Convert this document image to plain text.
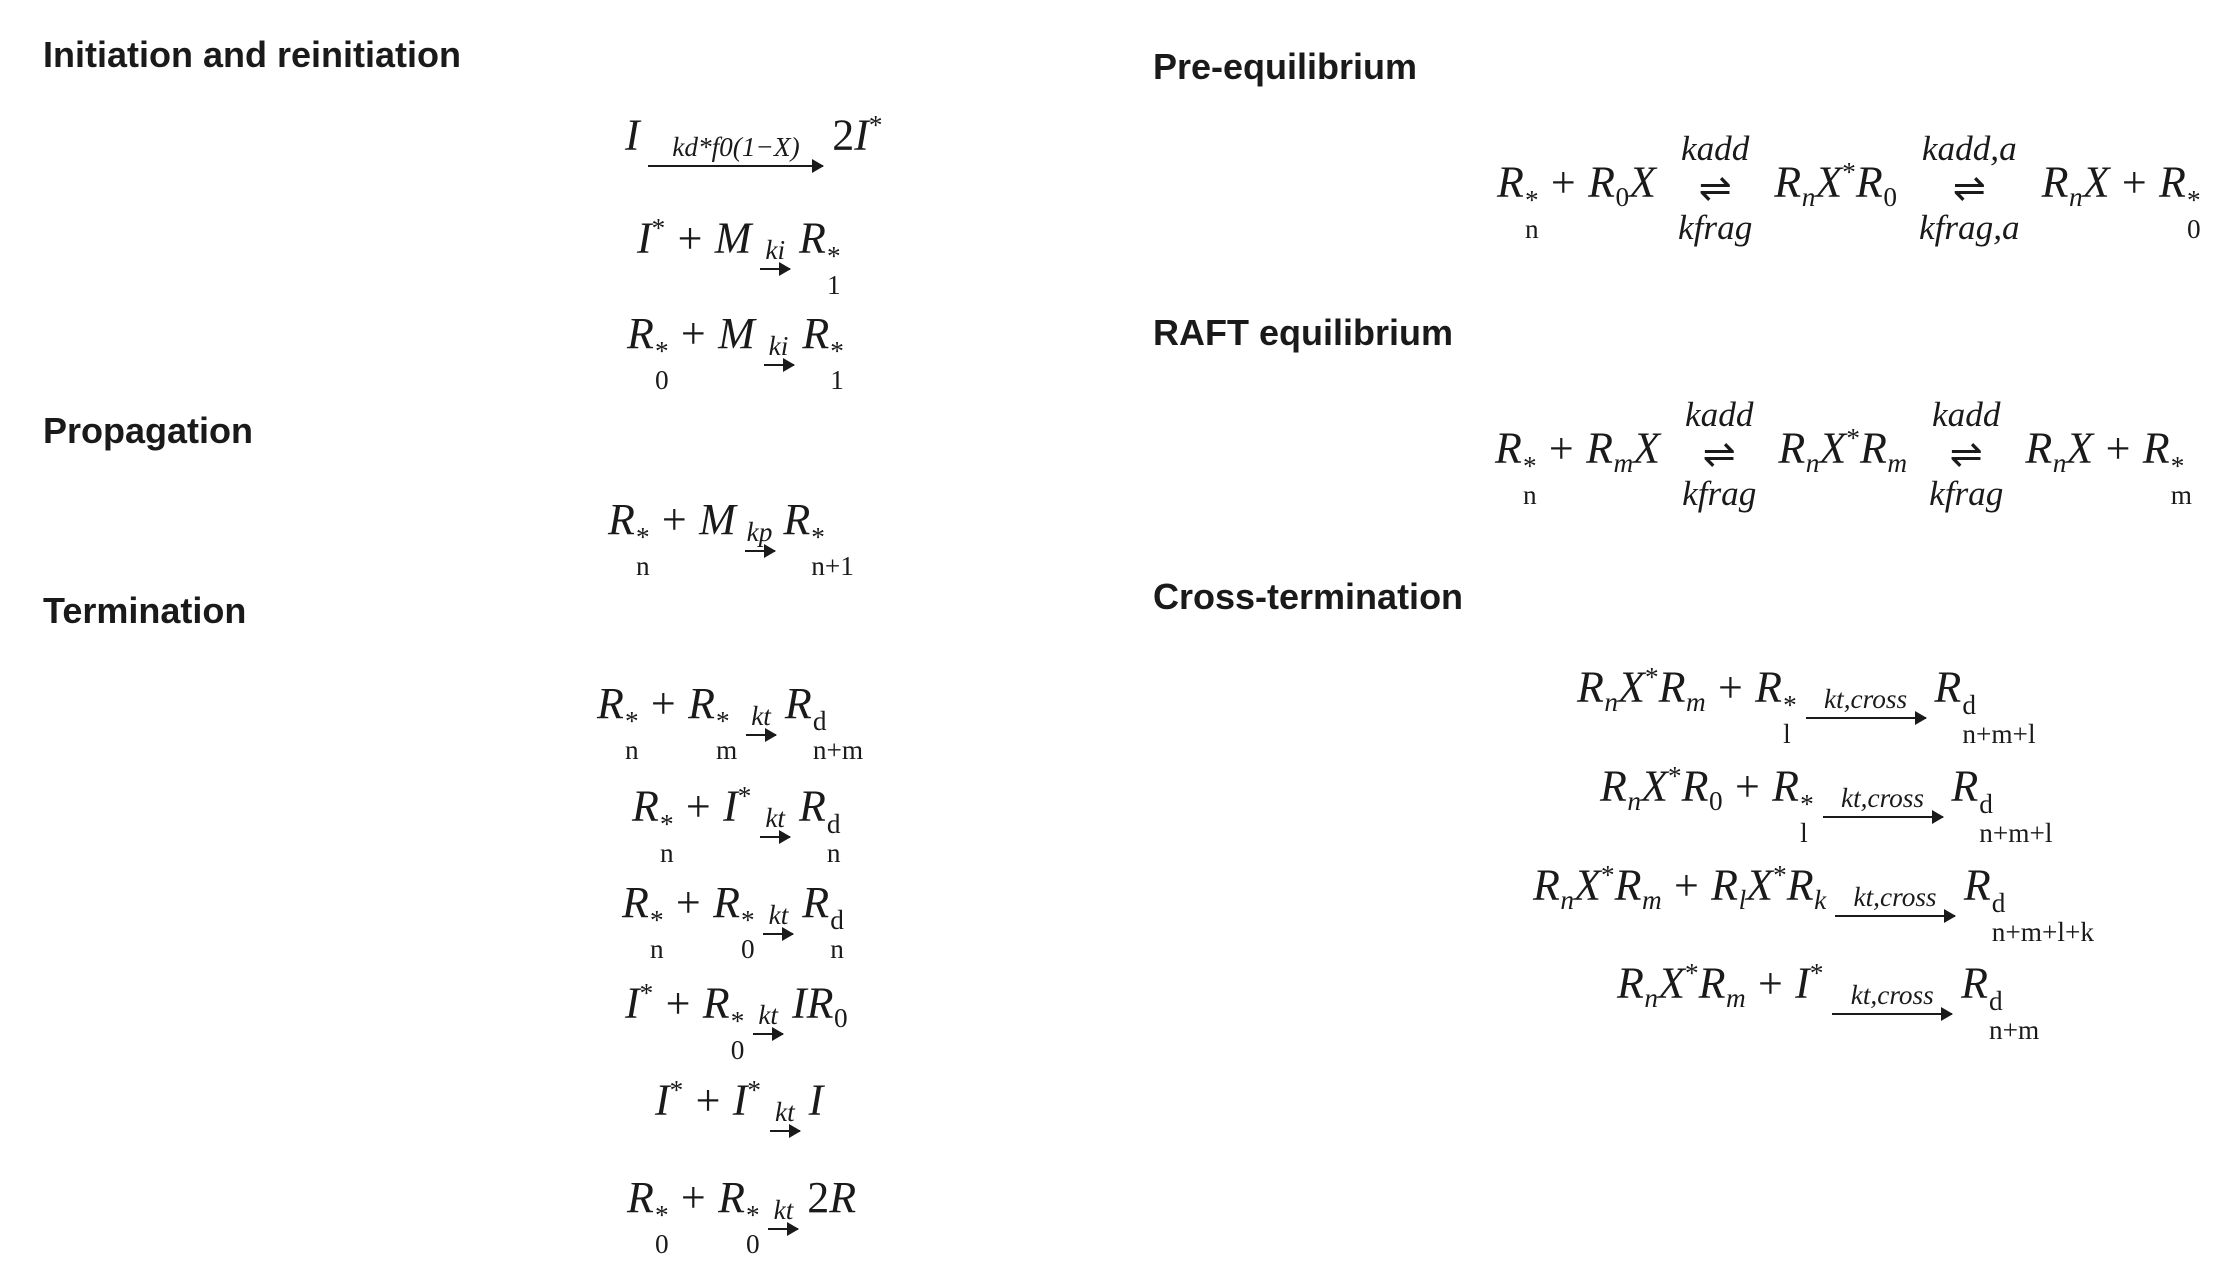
Initiation and reinitiation
Propagation
Termination
Pre-equilibrium
RAFT equilibrium
Cross-termination
I kd*f0(1−X) 2I*
I* + M ki R *
1
R *
0
+ M ki R *
1
R *
n
+ M kp R *
n+1
R *
n
+ R *
m
kt R d
n+m
R *
n
+ I*
kt R d
n
R *
n
+ R *
0
kt R d
n
I* + R *
0
kt IR0
I* + I*
kt I
R *
0
+ R *
0
kt 2R
R *
n
+ R0X
kadd
⇌
kfrag
RnX*R0
kadd,a
⇌
kfrag,a
RnX + R *
0
R *
n
+ RmX
kadd
⇌
kfrag
RnX*Rm
kadd
⇌
kfrag
RnX + R *
m
RnX*Rm + R *
l
kt,cross R d
n+m+l
RnX*R0 + R *
l
kt,cross R d
n+m+l
RnX*Rm + RlX*Rk kt,cross R d
n+m+l+k
RnX*Rm + I*
kt,cross R d
n+m
